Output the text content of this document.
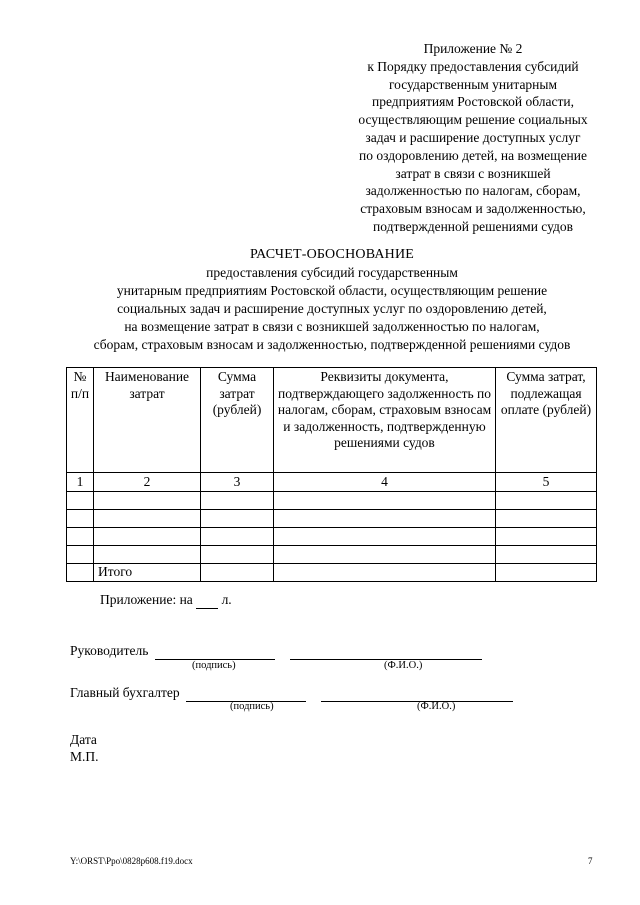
Приложение № 2
к Порядку предоставления субсидий
государственным унитарным
предприятиям Ростовской области,
осуществляющим решение социальных
задач и расширение доступных услуг
по оздоровлению детей, на возмещение
затрат в связи с возникшей
задолженностью по налогам, сборам,
страховым взносам и задолженностью,
подтвержденной решениями судов
РАСЧЕТ-ОБОСНОВАНИЕ
предоставления субсидий государственным
унитарным предприятиям Ростовской области, осуществляющим решение
социальных задач и расширение доступных услуг по оздоровлению детей,
на возмещение затрат в связи с возникшей задолженностью по налогам,
сборам, страховым взносам и задолженностью, подтвержденной решениями судов
№ п/п	Наименование затрат	Сумма затрат (рублей)	Реквизиты документа, подтверждающего задолженность по налогам, сборам, страховым взносам и задолженность, подтвержденную решениями судов	Сумма затрат, подлежащая оплате (рублей)
1	2	3	4	5

	Итого			
Приложение: на л.
Руководитель
(подпись)	(Ф.И.О.)
Главный бухгалтер
(подпись)	(Ф.И.О.)
Дата
М.П.
Y:\ORST\Ppo\0828p608.f19.docx	7
